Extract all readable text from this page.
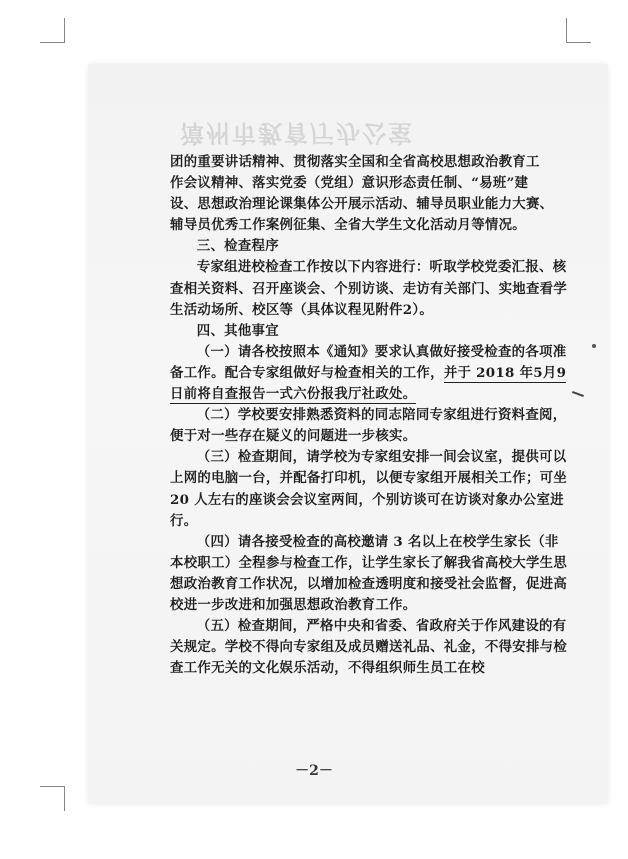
漳州市教育厅办公室
团的重要讲话精神、贯彻落实全国和全省高校思想政治教育工
作会议精神、落实党委（党组）意识形态责任制、“易班”建
设、思想政治理论课集体公开展示活动、辅导员职业能力大赛、
辅导员优秀工作案例征集、全省大学生文化活动月等情况。
三、检查程序
专家组进校检查工作按以下内容进行：听取学校党委汇报、核查相关资料、召开座谈会、个别访谈、走访有关部门、实地查看学生活动场所、校区等（具体议程见附件2）。
四、其他事宜
（一）请各校按照本《通知》要求认真做好接受检查的各项准备工作。配合专家组做好与检查相关的工作，并于 2018 年5月9日前将自查报告一式六份报我厅社政处。
（二）学校要安排熟悉资料的同志陪同专家组进行资料查阅，便于对一些存在疑义的问题进一步核实。
（三）检查期间，请学校为专家组安排一间会议室，提供可以上网的电脑一台，并配备打印机，以便专家组开展相关工作；可坐 20 人左右的座谈会会议室两间，个别访谈可在访谈对象办公室进行。
（四）请各接受检查的高校邀请 3 名以上在校学生家长（非本校职工）全程参与检查工作，让学生家长了解我省高校大学生思想政治教育工作状况，以增加检查透明度和接受社会监督，促进高校进一步改进和加强思想政治教育工作。
（五）检查期间，严格中央和省委、省政府关于作风建设的有关规定。学校不得向专家组及成员赠送礼品、礼金，不得安排与检查工作无关的文化娱乐活动，不得组织师生员工在校
－2－
